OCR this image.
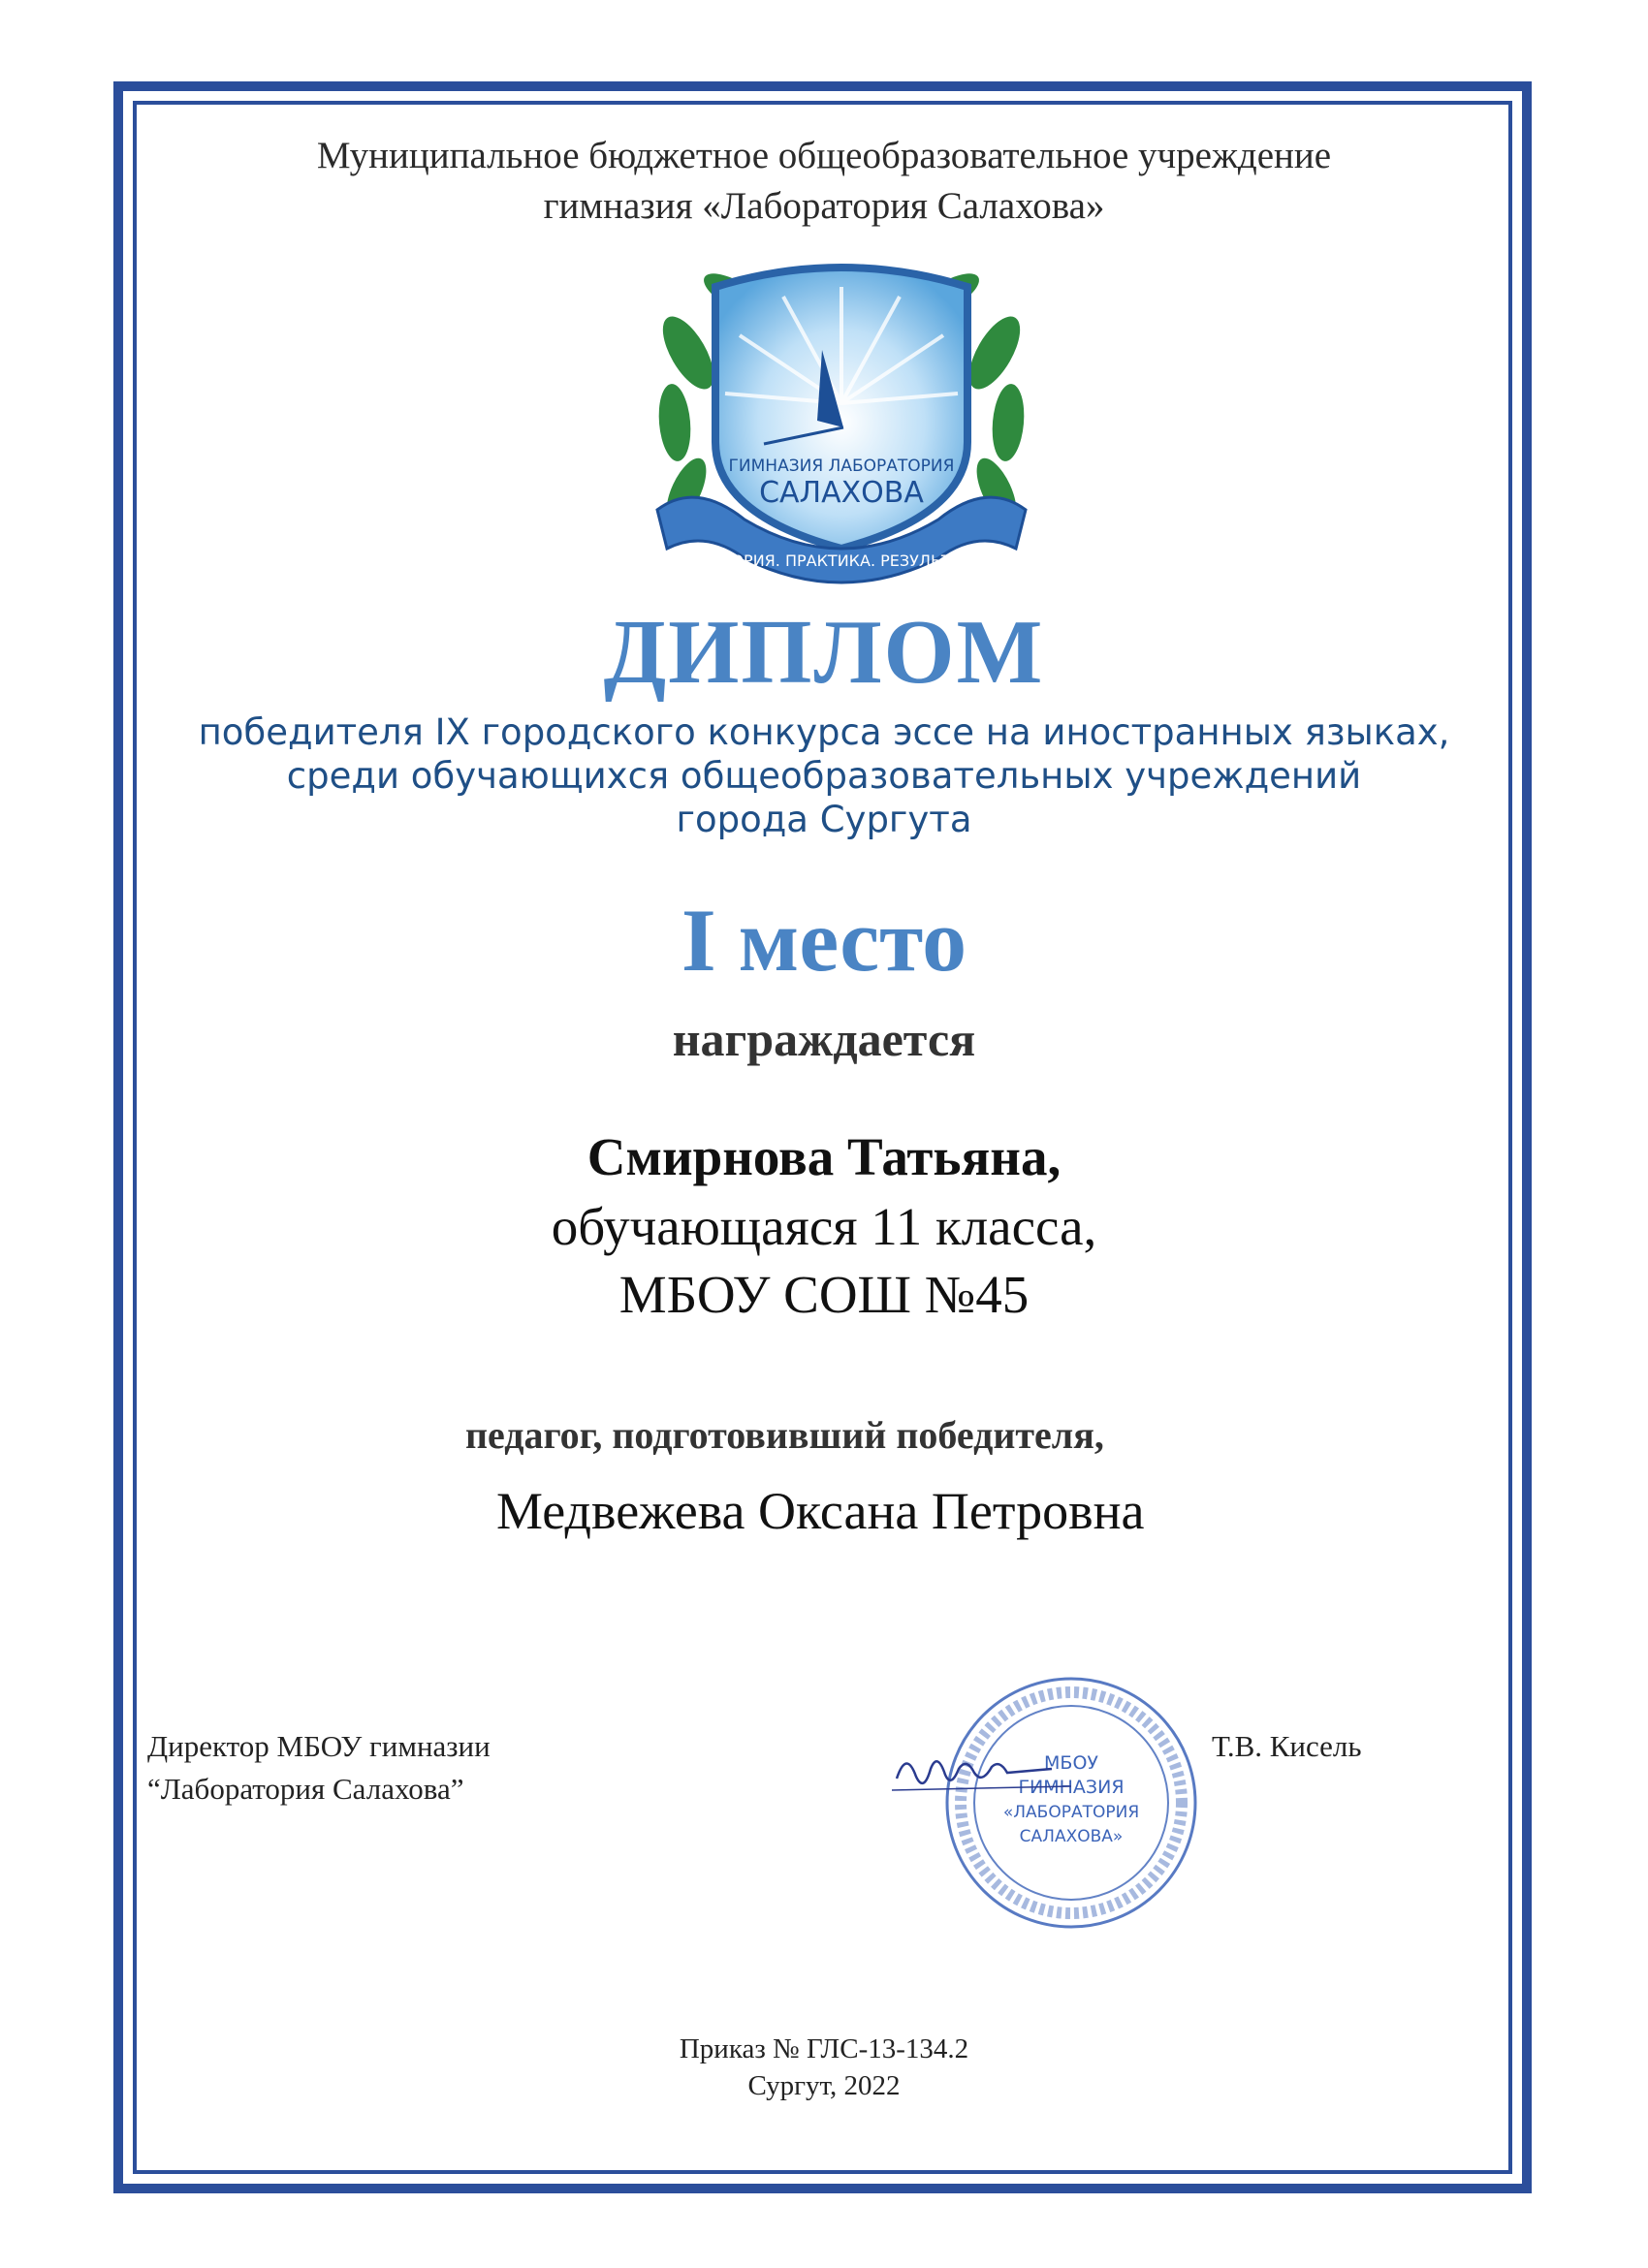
Муниципальное бюджетное общеобразовательное учреждение
гимназия «Лаборатория Салахова»
ГИМНАЗИЯ ЛАБОРАТОРИЯ
САЛАХОВА
ТЕОРИЯ. ПРАКТИКА. РЕЗУЛЬТАТ
ДИПЛОМ
победителя IX городского конкурса эссе на иностранных языках,
среди обучающихся общеобразовательных учреждений
города Сургута
I место
награждается
Смирнова Татьяна,
обучающаяся 11 класса,
МБОУ СОШ №45
педагог, подготовивший победителя,
Медвежева Оксана Петровна
Директор МБОУ гимназии
“Лаборатория Салахова”
МБОУ
ГИМНАЗИЯ
«ЛАБОРАТОРИЯ
САЛАХОВА»
Т.В. Кисель
Приказ № ГЛС-13-134.2
Сургут, 2022
